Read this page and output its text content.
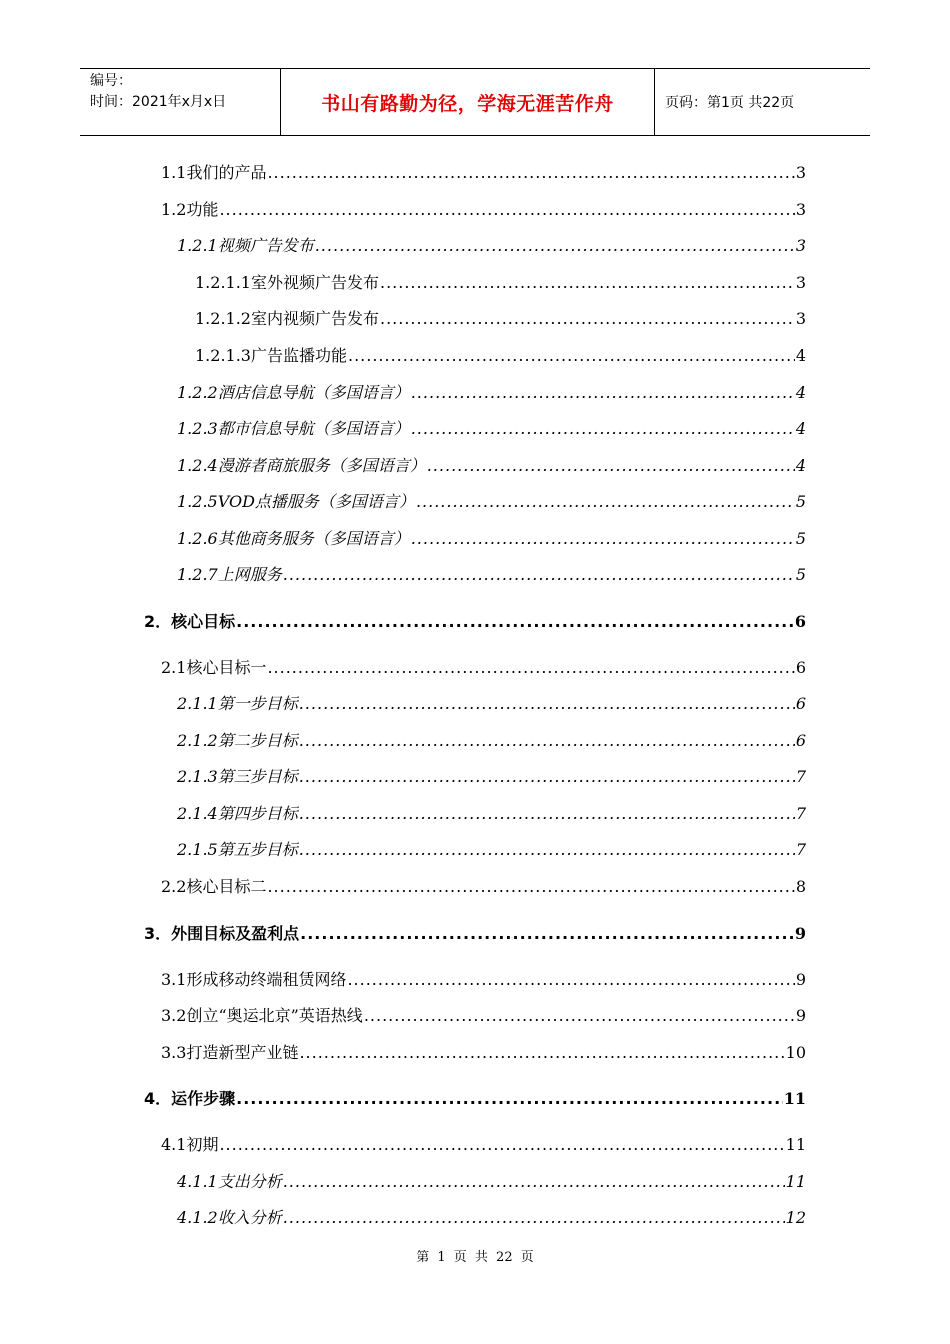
编号：
时间：2021年x月x日	书山有路勤为径，学海无涯苦作舟	页码：第1页 共22页
1.1我们的产品 .....	3
1.2功能 .....	3
1.2.1视频广告发布 .....	3
1.2.1.1室外视频广告发布 .....	3
1.2.1.2室内视频广告发布 .....	3
1.2.1.3广告监播功能 .....	4
1.2.2酒店信息导航（多国语言） .....	4
1.2.3都市信息导航（多国语言） .....	4
1.2.4漫游者商旅服务（多国语言） .....	4
1.2.5VOD点播服务（多国语言） .....	5
1.2.6其他商务服务（多国语言） .....	5
1.2.7上网服务 .....	5
2．核心目标 .....	6
2.1核心目标一 .....	6
2.1.1第一步目标 .....	6
2.1.2第二步目标 .....	6
2.1.3第三步目标 .....	7
2.1.4第四步目标 .....	7
2.1.5第五步目标 .....	7
2.2核心目标二 .....	8
3．外围目标及盈利点 .....	9
3.1形成移动终端租赁网络 .....	9
3.2创立“奥运北京”英语热线 .....	9
3.3打造新型产业链 .....	10
4．运作步骤 .....	11
4.1初期 .....	11
4.1.1支出分析 .....	11
4.1.2收入分析 .....	12
第 1 页 共 22 页
